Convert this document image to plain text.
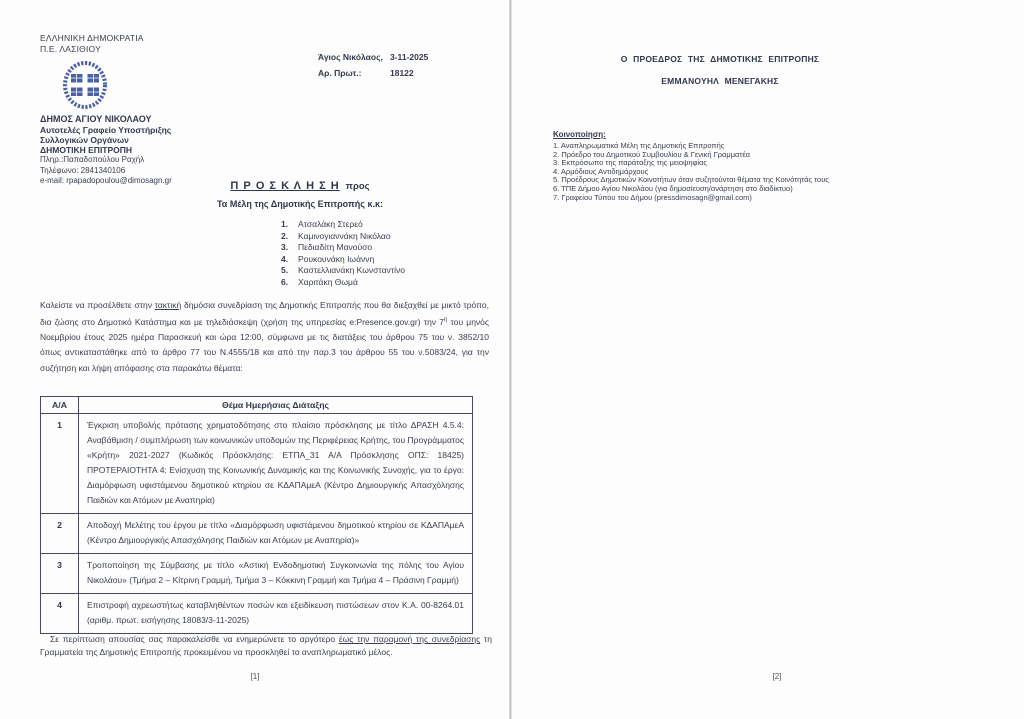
ΕΛΛΗΝΙΚΗ ΔΗΜΟΚΡΑΤΙΑ
Π.Ε. ΛΑΣΙΘΙΟΥ
ΔΗΜΟΣ ΑΓΙΟΥ ΝΙΚΟΛΑΟΥ
Αυτοτελές Γραφείο Υποστήριξης
Συλλογικών Οργάνων
ΔΗΜΟΤΙΚΗ ΕΠΙΤΡΟΠΗ
Πληρ.:Παπαδοπούλου Ραχήλ
Τηλέφωνο: 2841340106
e-mail: rpapadopoulou@dimosagn.gr
Άγιος Νικόλαος, 3-11-2025
Αρ. Πρωτ.:	18122
Π Ρ Ο Σ Κ Λ Η Σ Η προς
Τα Μέλη της Δημοτικής Επιτροπής κ.κ:
1.	Ατσαλάκη Στερεό
2.	Καμινογιαννάκη Νικόλαο
3.	Πεδιαδίτη Μανούσο
4.	Ρουκουνάκη Ιωάννη
5.	Καστελλιανάκη Κωνσταντίνο
6.	Χαριτάκη Θωμά
Καλείστε να προσέλθετε στην τακτική δημόσια συνεδρίαση της Δημοτικής Επιτροπής που θα διεξαχθεί με μικτό τρόπο, δια ζώσης στο Δημοτικό Κατάστημα και με τηλεδιάσκεψη (χρήση της υπηρεσίας e:Presence.gov.gr) την $7^\eta$ του μηνός Νοεμβρίου έτους 2025 ημέρα Παρασκευή και ώρα 12:00, σύμφωνα με τις διατάξεις του άρθρου 75 του ν. 3852/10 όπως αντικαταστάθηκε από το άρθρο 77 του Ν.4555/18 και από την παρ.3 του άρθρου 55 του ν.5083/24, για την συζήτηση και λήψη απόφασης στα παρακάτω θέματα:
Α/Α	Θέμα Ημερήσιας Διάταξης
1	Έγκριση υποβολής πρότασης χρηματοδότησης στο πλαίσιο πρόσκλησης με τίτλο ΔΡΑΣΗ 4.5.4: Αναβάθμιση / συμπλήρωση των κοινωνικών υποδομών της Περιφέρειας Κρήτης, του Προγράμματος «Κρήτη» 2021-2027 (Κωδικός Πρόσκλησης: ΕΤΠΑ_31 Α/Α Πρόσκλησης ΟΠΣ: 18425) ΠΡΟΤΕΡΑΙΟΤΗΤΑ 4: Ενίσχυση της Κοινωνικής Δυναμικής και της Κοινωνικής Συνοχής, για το έργο: Διαμόρφωση υφιστάμενου δημοτικού κτηρίου σε ΚΔΑΠΑμεΑ (Κέντρο Δημιουργικής Απασχόλησης Παιδιών και Ατόμων με Αναπηρία)
2	Αποδοχή Μελέτης του έργου με τίτλο «Διαμόρφωση υφιστάμενου δημοτικού κτηρίου σε ΚΔΑΠΑμεΑ (Κέντρο Δημιουργικής Απασχόλησης Παιδιών και Ατόμων με Αναπηρία)»
3	Τροποποίηση της Σύμβασης με τίτλο «Αστική Ενδοδημοτική Συγκοινωνία της πόλης του Αγίου Νικολάου» (Τμήμα 2 – Κίτρινη Γραμμή, Τμήμα 3 – Κόκκινη Γραμμή και Τμήμα 4 – Πράσινη Γραμμή)
4	Επιστροφή αχρεωστήτως καταβληθέντων ποσών και εξειδίκευση πιστώσεων στον Κ.Α. 00-8264.01 (αριθμ. πρωτ. εισήγησης 18083/3-11-2025)
Σε περίπτωση απουσίας σας παρακαλείσθε να ενημερώνετε το αργότερο έως την παραμονή της συνεδρίασης τη Γραμματεία της Δημοτικής Επιτροπής προκειμένου να προσκληθεί το αναπληρωματικό μέλος.
[1]
Ο ΠΡΟΕΔΡΟΣ ΤΗΣ ΔΗΜΟΤΙΚΗΣ ΕΠΙΤΡΟΠΗΣ
ΕΜΜΑΝΟΥΗΛ ΜΕΝΕΓΑΚΗΣ
Κοινοποίηση:
1. Αναπληρωματικά Μέλη της Δημοτικής Επιτροπής
2. Πρόεδρο του Δημοτικού Συμβουλίου & Γενική Γραμματέα
3. Εκπρόσωπο της παράταξης της μειοψηφίας
4. Αρμόδιους Αντιδημάρχους
5. Προέδρους Δημοτικών Κοινοτήτων όταν συζητούνται θέματα της Κοινότητάς τους
6. ΤΠΕ Δήμου Αγίου Νικολάου (για δημοσίευση/ανάρτηση στο διαδίκτυο)
7. Γραφείου Τύπου του Δήμου (pressdimosagn@gmail.com)
[2]
